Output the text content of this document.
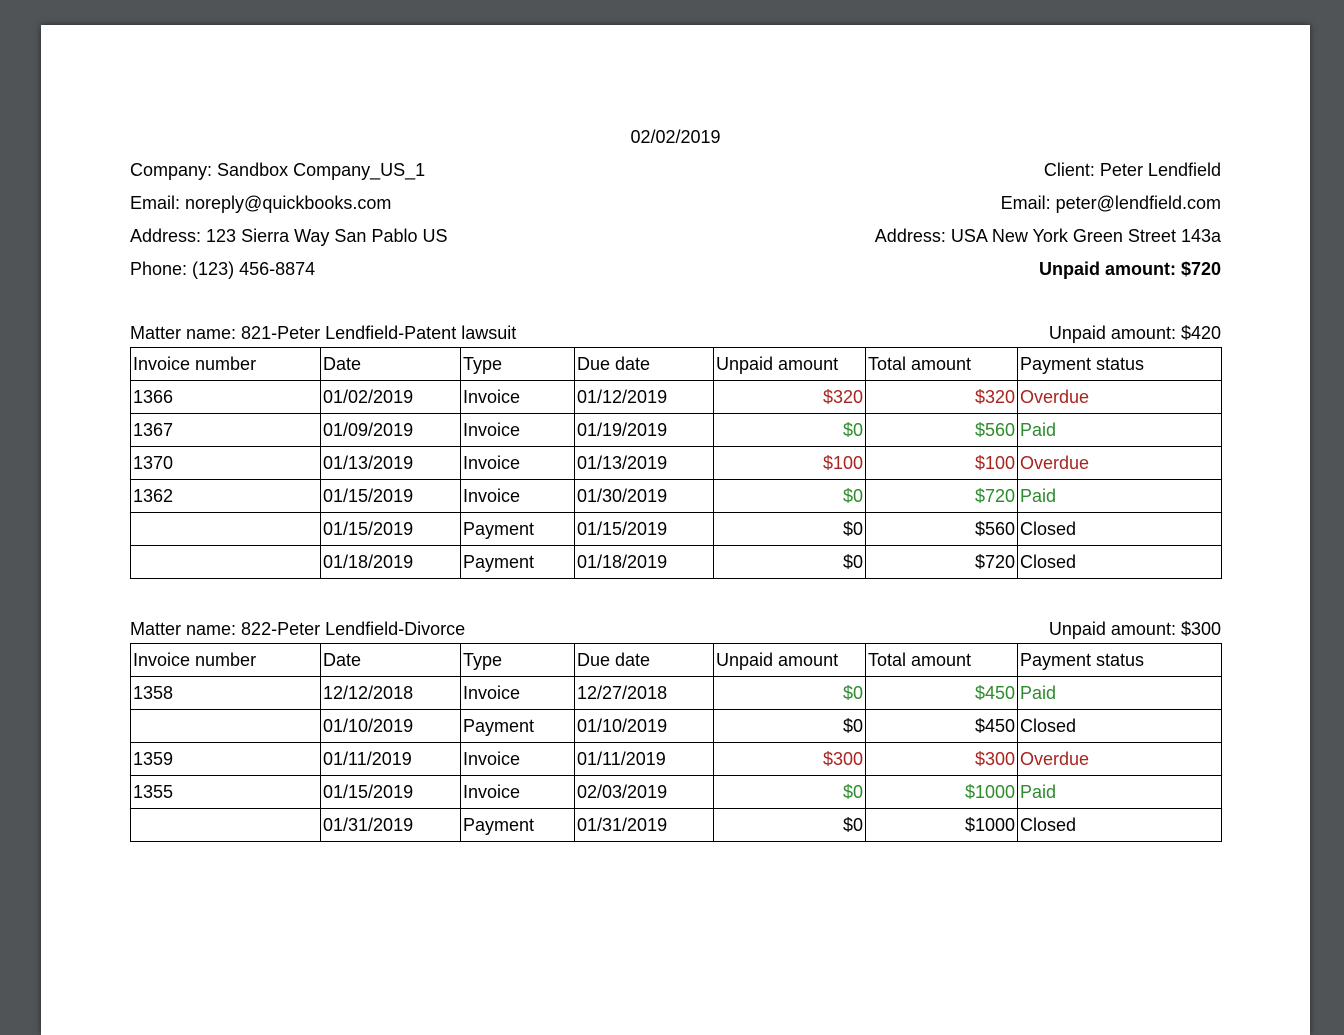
02/02/2019
Company: Sandbox Company_US_1	Client: Peter Lendfield
Email: noreply@quickbooks.com	Email: peter@lendfield.com
Address: 123 Sierra Way San Pablo US	Address: USA New York Green Street 143a
Phone: (123) 456-8874	Unpaid amount: $720
Matter name: 821-Peter Lendfield-Patent lawsuit	Unpaid amount: $420
Invoice number	Date	Type	Due date	Unpaid amount	Total amount	Payment status
1366	01/02/2019	Invoice	01/12/2019	$320	$320	Overdue
1367	01/09/2019	Invoice	01/19/2019	$0	$560	Paid
1370	01/13/2019	Invoice	01/13/2019	$100	$100	Overdue
1362	01/15/2019	Invoice	01/30/2019	$0	$720	Paid
	01/15/2019	Payment	01/15/2019	$0	$560	Closed
	01/18/2019	Payment	01/18/2019	$0	$720	Closed
Matter name: 822-Peter Lendfield-Divorce	Unpaid amount: $300
Invoice number	Date	Type	Due date	Unpaid amount	Total amount	Payment status
1358	12/12/2018	Invoice	12/27/2018	$0	$450	Paid
	01/10/2019	Payment	01/10/2019	$0	$450	Closed
1359	01/11/2019	Invoice	01/11/2019	$300	$300	Overdue
1355	01/15/2019	Invoice	02/03/2019	$0	$1000	Paid
	01/31/2019	Payment	01/31/2019	$0	$1000	Closed
